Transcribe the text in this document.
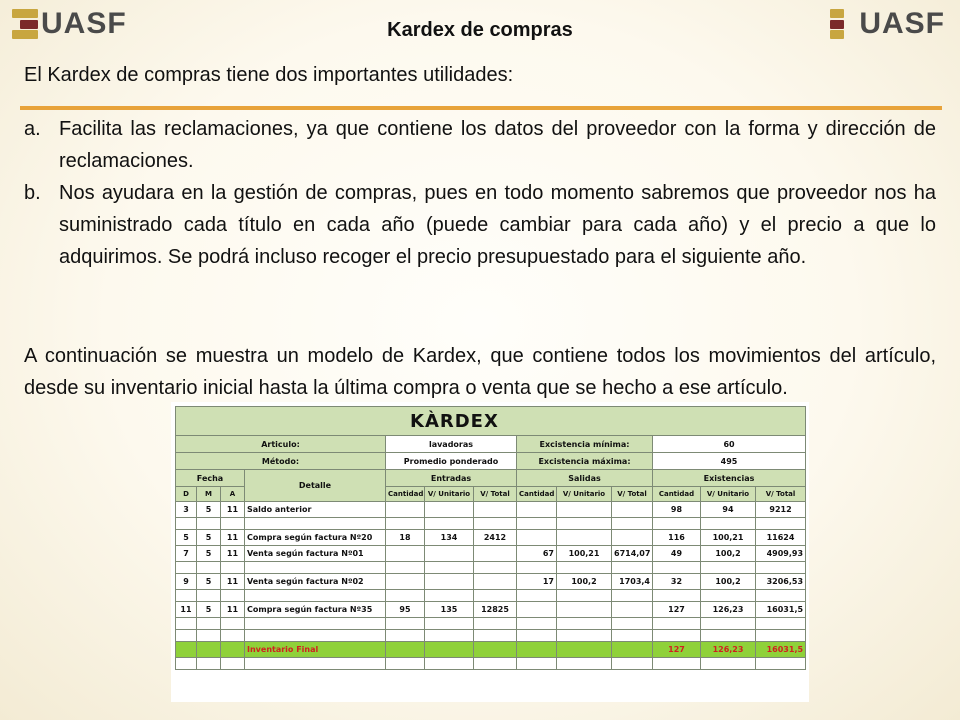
UASF	UASF
Kardex de compras
El Kardex de compras tiene dos importantes utilidades:
a. Facilita las reclamaciones, ya que contiene los datos del proveedor con la forma y dirección de reclamaciones.
b. Nos ayudara en la gestión de compras, pues en todo momento sabremos que proveedor nos ha suministrado cada título en cada año (puede cambiar para cada año) y el precio a que lo adquirimos. Se podrá incluso recoger el precio presupuestado para el siguiente año.

A continuación se muestra un modelo de Kardex, que contiene todos los movimientos del artículo, desde su inventario inicial hasta la última compra o venta que se hecho a ese artículo.

KÀRDEX												
Articulo:				lavadoras			Excistencia mínima:			60		
Método:				Promedio ponderado			Excistencia máxima:			495		
Fecha			Detalle	Entradas			Salidas			Existencias		
D	M	A		Cantidad	V/ Unitario	V/ Total	Cantidad	V/ Unitario	V/ Total	Cantidad	V/ Unitario	V/ Total
3	5	11	Saldo anterior							98	94	9212

5	5	11	Compra según factura Nº20	18	134	2412				116	100,21	11624
7	5	11	Venta según factura Nº01				67	100,21	6714,07	49	100,2	4909,93

9	5	11	Venta según factura Nº02				17	100,2	1703,4	32	100,2	3206,53

11	5	11	Compra según factura Nº35	95	135	12825				127	126,23	16031,5

			Inventario Final							127	126,23	16031,5
